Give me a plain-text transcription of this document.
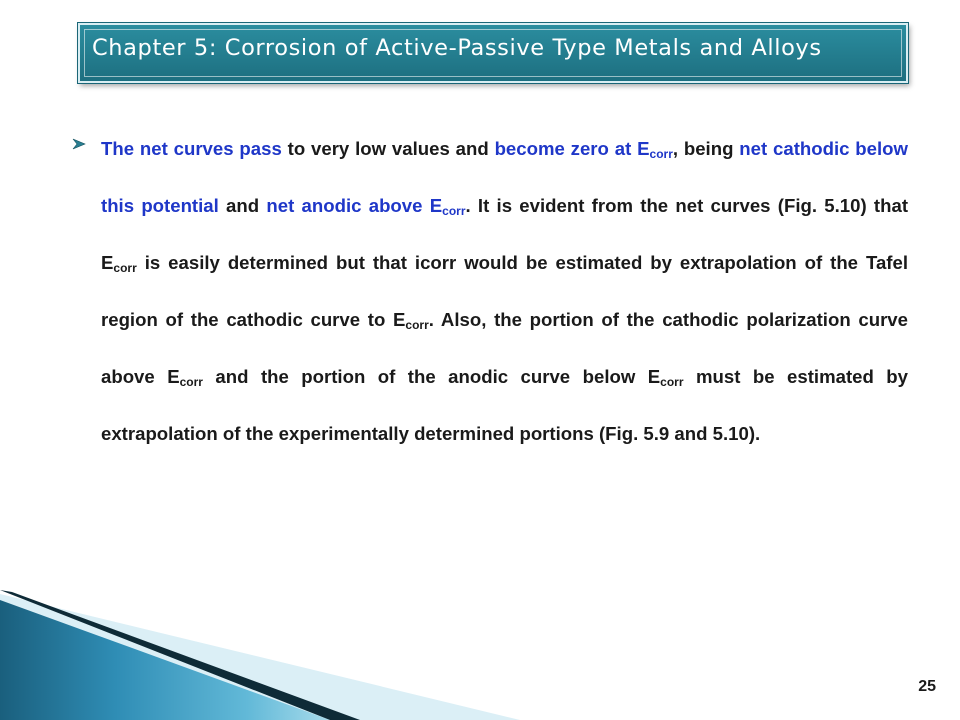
Chapter 5: Corrosion of Active-Passive Type Metals and Alloys

The net curves pass to very low values and become zero at $E_{corr}$, being net cathodic below this potential and net anodic above $E_{corr}$. It is evident from the net curves (Fig. 5.10) that $E_{corr}$ is easily determined but that icorr would be estimated by extrapolation of the Tafel region of the cathodic curve to $E_{corr}$. Also, the portion of the cathodic polarization curve above $E_{corr}$ and the portion of the anodic curve below $E_{corr}$ must be estimated by extrapolation of the experimentally determined portions (Fig. 5.9 and 5.10).

25
